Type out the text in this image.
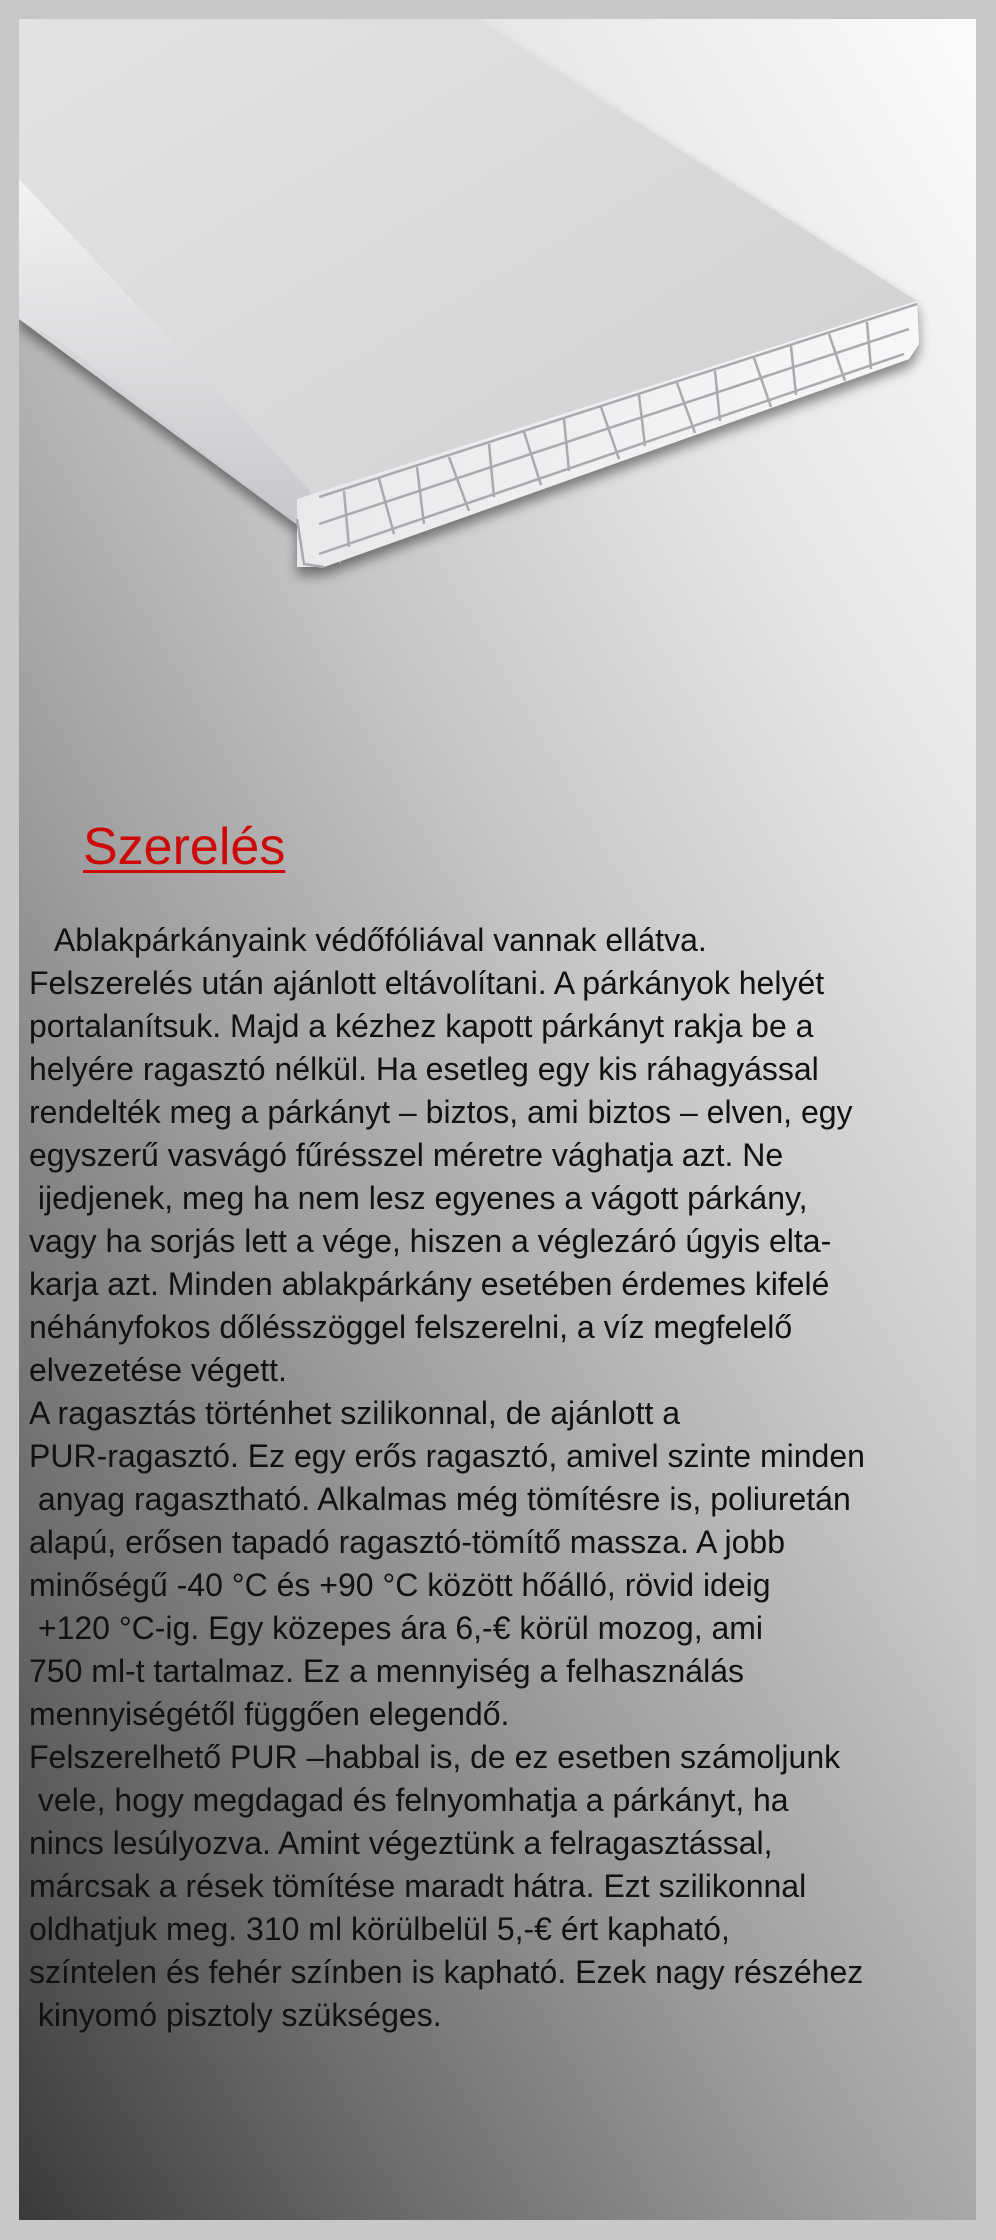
Szerelés
Ablakpárkányaink védőfóliával vannak ellátva.
Felszerelés után ajánlott eltávolítani. A párkányok helyét
portalanítsuk. Majd a kézhez kapott párkányt rakja be a
helyére ragasztó nélkül. Ha esetleg egy kis ráhagyással
rendelték meg a párkányt – biztos, ami biztos – elven, egy
egyszerű vasvágó fűrésszel méretre vághatja azt. Ne
ijedjenek, meg ha nem lesz egyenes a vágott párkány,
vagy ha sorjás lett a vége, hiszen a véglezáró úgyis elta-
karja azt. Minden ablakpárkány esetében érdemes kifelé
néhányfokos dőlésszöggel felszerelni, a víz megfelelő
elvezetése végett.
A ragasztás történhet szilikonnal, de ajánlott a
PUR-ragasztó. Ez egy erős ragasztó, amivel szinte minden
anyag ragasztható. Alkalmas még tömítésre is, poliuretán
alapú, erősen tapadó ragasztó-tömítő massza. A jobb
minőségű -40 °C és +90 °C között hőálló, rövid ideig
+120 °C-ig. Egy közepes ára 6,-€ körül mozog, ami
750 ml-t tartalmaz. Ez a mennyiség a felhasználás
mennyiségétől függően elegendő.
Felszerelhető PUR –habbal is, de ez esetben számoljunk
vele, hogy megdagad és felnyomhatja a párkányt, ha
nincs lesúlyozva. Amint végeztünk a felragasztással,
márcsak a rések tömítése maradt hátra. Ezt szilikonnal
oldhatjuk meg. 310 ml körülbelül 5,-€ ért kapható,
színtelen és fehér színben is kapható. Ezek nagy részéhez
kinyomó pisztoly szükséges.
